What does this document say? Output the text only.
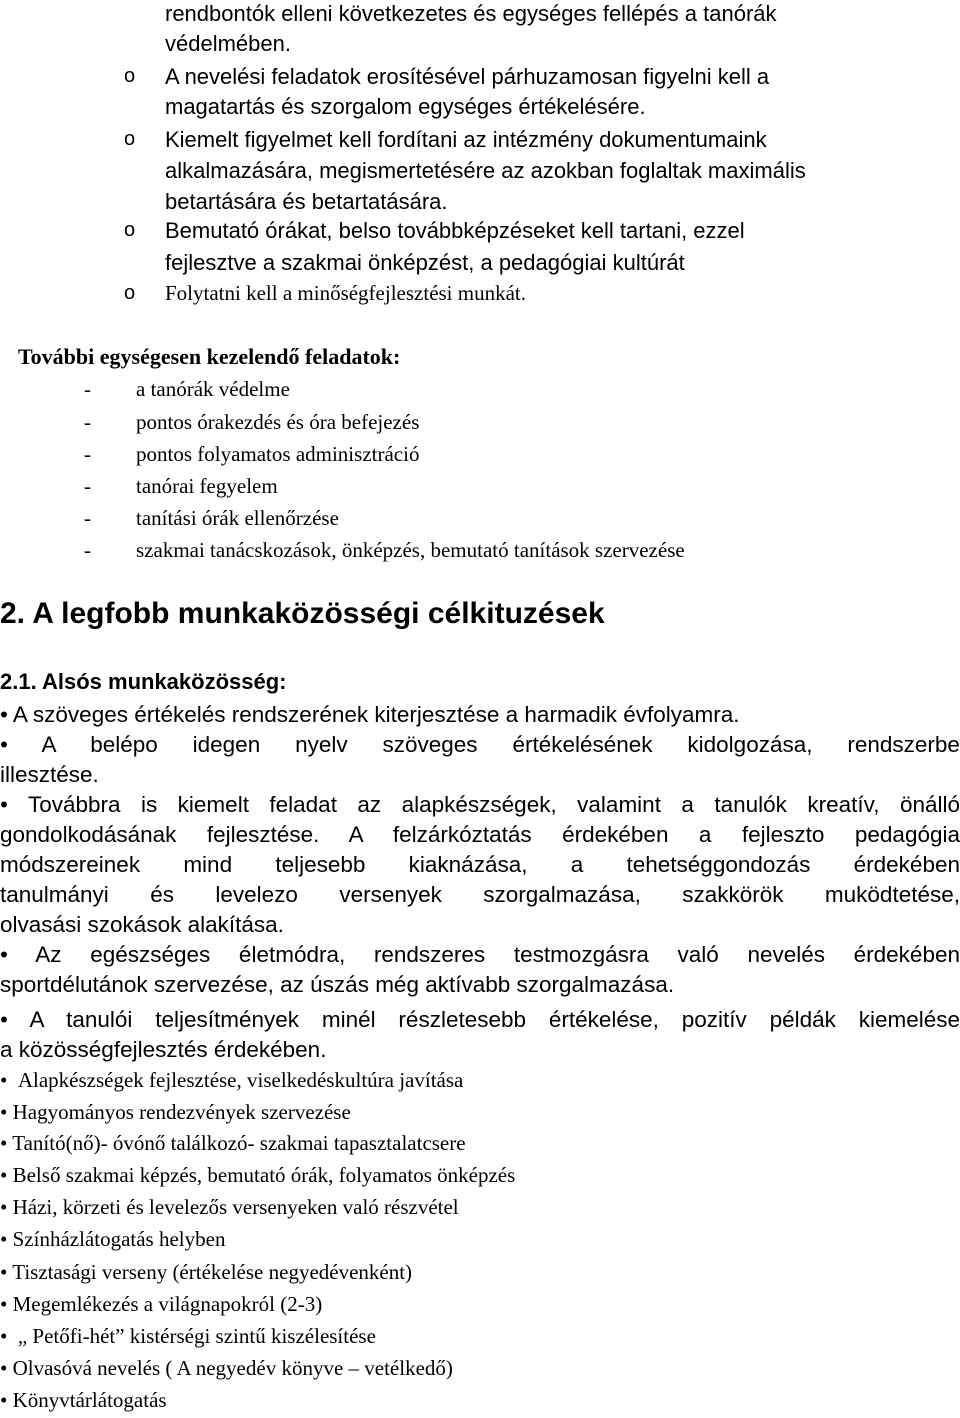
rendbontók elleni következetes és egységes fellépés a tanórák
védelmében.
o A nevelési feladatok erosítésével párhuzamosan figyelni kell a
magatartás és szorgalom egységes értékelésére.
o Kiemelt figyelmet kell fordítani az intézmény dokumentumaink
alkalmazására, megismertetésére az azokban foglaltak maximális
betartására és betartatására.
o Bemutató órákat, belso továbbképzéseket kell tartani, ezzel
fejlesztve a szakmai önképzést, a pedagógiai kultúrát
o Folytatni kell a minőségfejlesztési munkát.
További egységesen kezelendő feladatok:
- a tanórák védelme
- pontos órakezdés és óra befejezés
- pontos folyamatos adminisztráció
- tanórai fegyelem
- tanítási órák ellenőrzése
- szakmai tanácskozások, önképzés, bemutató tanítások szervezése
2. A legfobb munkaközösségi célkituzések
2.1. Alsós munkaközösség:
• A szöveges értékelés rendszerének kiterjesztése a harmadik évfolyamra.
• A belépo idegen nyelv szöveges értékelésének kidolgozása, rendszerbe
illesztése.
• Továbbra is kiemelt feladat az alapkészségek, valamint a tanulók kreatív, önálló
gondolkodásának fejlesztése. A felzárkóztatás érdekében a fejleszto pedagógia
módszereinek mind teljesebb kiaknázása, a tehetséggondozás érdekében
tanulmányi és levelezo versenyek szorgalmazása, szakkörök muködtetése,
olvasási szokások alakítása.
• Az egészséges életmódra, rendszeres testmozgásra való nevelés érdekében
sportdélutánok szervezése, az úszás még aktívabb szorgalmazása.
• A tanulói teljesítmények minél részletesebb értékelése, pozitív példák kiemelése
a közösségfejlesztés érdekében.
• Alapkészségek fejlesztése, viselkedéskultúra javítása
• Hagyományos rendezvények szervezése
• Tanító(nő)- óvónő találkozó- szakmai tapasztalatcsere
• Belső szakmai képzés, bemutató órák, folyamatos önképzés
• Házi, körzeti és levelezős versenyeken való részvétel
• Színházlátogatás helyben
• Tisztasági verseny (értékelése negyedévenként)
• Megemlékezés a világnapokról (2-3)
• „ Petőfi-hét” kistérségi szintű kiszélesítése
• Olvasóvá nevelés ( A negyedév könyve – vetélkedő)
• Könyvtárlátogatás
